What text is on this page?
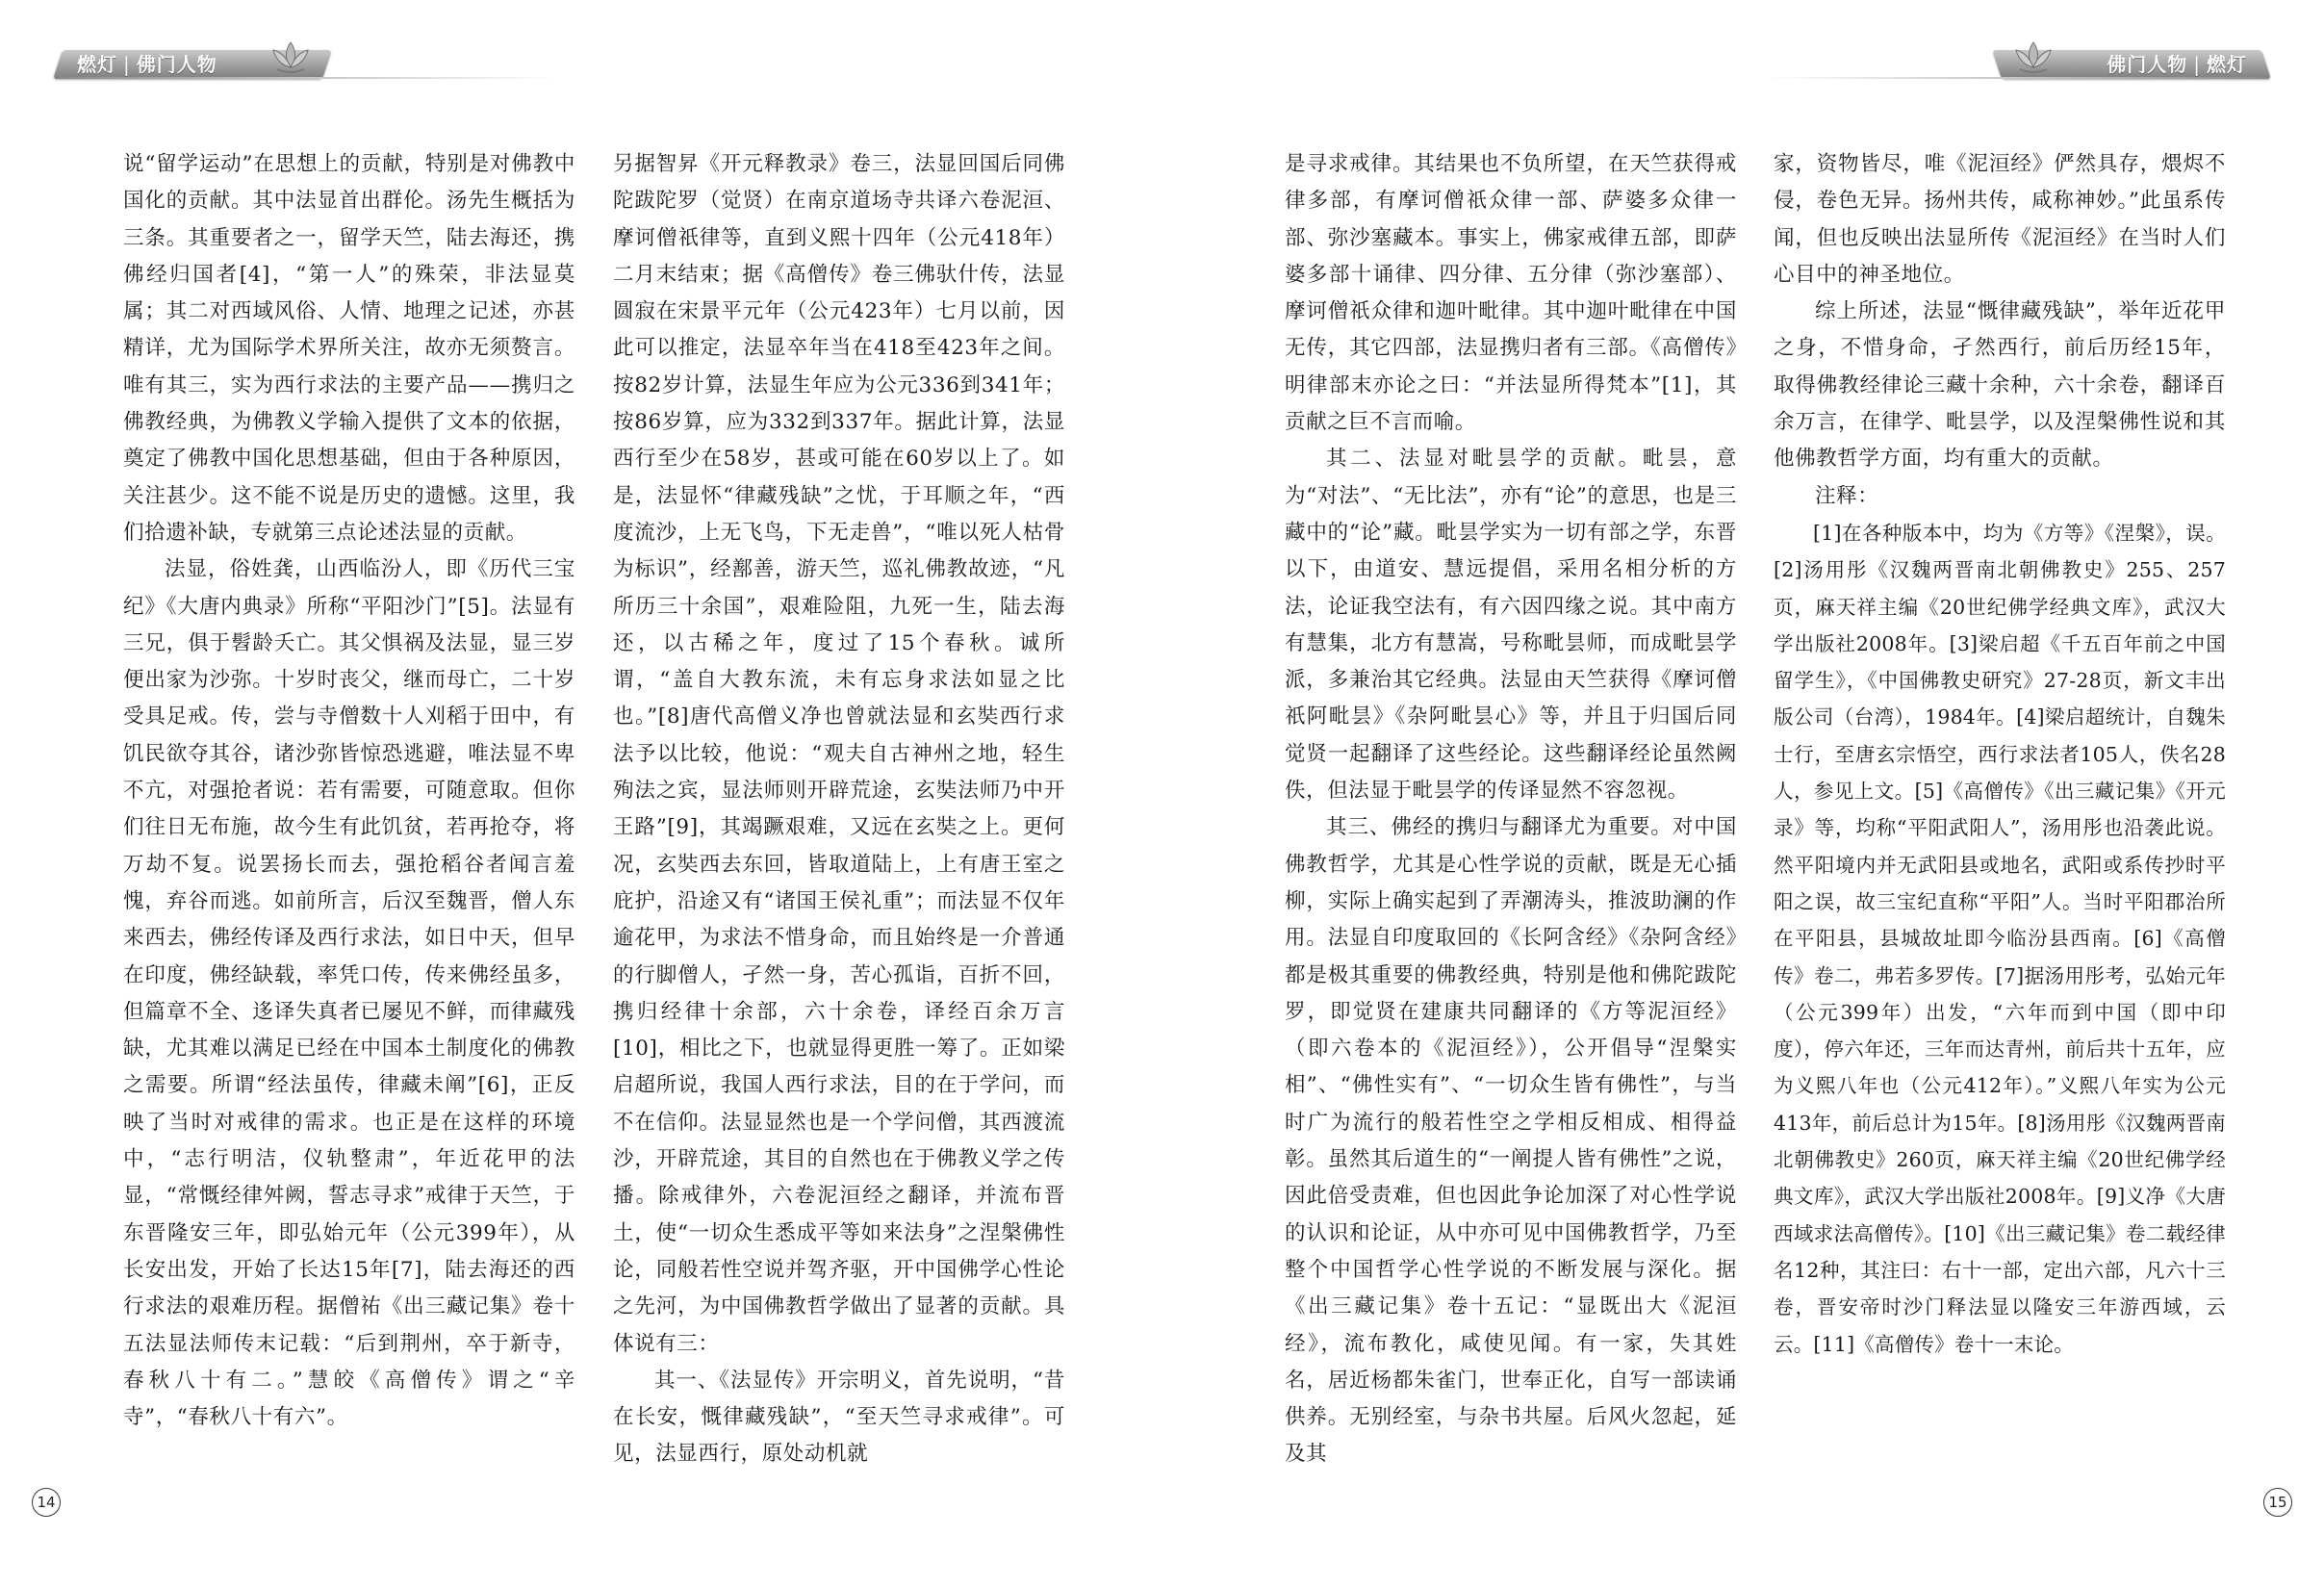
燃灯 | 佛门人物

说“留学运动”在思想上的贡献，特别是对佛教中国化的贡献。其中法显首出群伦。汤先生概括为三条。其重要者之一，留学天竺，陆去海还，携佛经归国者[4]，“第一人”的殊荣，非法显莫属；其二对西域风俗、人情、地理之记述，亦甚精详，尤为国际学术界所关注，故亦无须赘言。唯有其三，实为西行求法的主要产品——携归之佛教经典，为佛教义学输入提供了文本的依据，奠定了佛教中国化思想基础，但由于各种原因，关注甚少。这不能不说是历史的遗憾。这里，我们拾遗补缺，专就第三点论述法显的贡献。

法显，俗姓龚，山西临汾人，即《历代三宝纪》《大唐内典录》所称“平阳沙门”[5]。法显有三兄，俱于髫龄夭亡。其父惧祸及法显，显三岁便出家为沙弥。十岁时丧父，继而母亡，二十岁受具足戒。传，尝与寺僧数十人刈稻于田中，有饥民欲夺其谷，诸沙弥皆惊恐逃避，唯法显不卑不亢，对强抢者说：若有需要，可随意取。但你们往日无布施，故今生有此饥贫，若再抢夺，将万劫不复。说罢扬长而去，强抢稻谷者闻言羞愧，弃谷而逃。如前所言，后汉至魏晋，僧人东来西去，佛经传译及西行求法，如日中天，但早在印度，佛经缺载，率凭口传，传来佛经虽多，但篇章不全、迻译失真者已屡见不鲜，而律藏残缺，尤其难以满足已经在中国本土制度化的佛教之需要。所谓“经法虽传，律藏未阐”[6]，正反映了当时对戒律的需求。也正是在这样的环境中，“志行明洁，仪轨整肃”，年近花甲的法显，“常慨经律舛阙，誓志寻求”戒律于天竺，于东晋隆安三年，即弘始元年（公元399年），从长安出发，开始了长达15年[7]，陆去海还的西行求法的艰难历程。据僧祐《出三藏记集》卷十五法显法师传末记载：“后到荆州，卒于新寺，春秋八十有二。”慧皎《高僧传》谓之“辛寺”，“春秋八十有六”。

另据智昇《开元释教录》卷三，法显回国后同佛陀跋陀罗（觉贤）在南京道场寺共译六卷泥洹、摩诃僧祇律等，直到义熙十四年（公元418年）二月末结束；据《高僧传》卷三佛驮什传，法显圆寂在宋景平元年（公元423年）七月以前，因此可以推定，法显卒年当在418至423年之间。按82岁计算，法显生年应为公元336到341年；按86岁算，应为332到337年。据此计算，法显西行至少在58岁，甚或可能在60岁以上了。如是，法显怀“律藏残缺”之忧，于耳顺之年，“西度流沙，上无飞鸟，下无走兽”，“唯以死人枯骨为标识”，经鄯善，游天竺，巡礼佛教故迹，“凡所历三十余国”，艰难险阻，九死一生，陆去海还，以古稀之年，度过了15个春秋。诚所谓，“盖自大教东流，未有忘身求法如显之比也。”[8]唐代高僧义净也曾就法显和玄奘西行求法予以比较，他说：“观夫自古神州之地，轻生殉法之宾，显法师则开辟荒途，玄奘法师乃中开王路”[9]，其竭蹶艰难，又远在玄奘之上。更何况，玄奘西去东回，皆取道陆上，上有唐王室之庇护，沿途又有“诸国王侯礼重”；而法显不仅年逾花甲，为求法不惜身命，而且始终是一介普通的行脚僧人，孑然一身，苦心孤诣，百折不回，携归经律十余部，六十余卷，译经百余万言[10]，相比之下，也就显得更胜一筹了。正如梁启超所说，我国人西行求法，目的在于学问，而不在信仰。法显显然也是一个学问僧，其西渡流沙，开辟荒途，其目的自然也在于佛教义学之传播。除戒律外，六卷泥洹经之翻译，并流布晋土，使“一切众生悉成平等如来法身”之涅槃佛性论，同般若性空说并驾齐驱，开中国佛学心性论之先河，为中国佛教哲学做出了显著的贡献。具体说有三：

其一、《法显传》开宗明义，首先说明，“昔在长安，慨律藏残缺”，“至天竺寻求戒律”。可见，法显西行，原处动机就

14
佛门人物 | 燃灯

是寻求戒律。其结果也不负所望，在天竺获得戒律多部，有摩诃僧祇众律一部、萨婆多众律一部、弥沙塞藏本。事实上，佛家戒律五部，即萨婆多部十诵律、四分律、五分律（弥沙塞部）、摩诃僧祇众律和迦叶毗律。其中迦叶毗律在中国无传，其它四部，法显携归者有三部。《高僧传》明律部末亦论之曰：“并法显所得梵本”[1]，其贡献之巨不言而喻。

其二、法显对毗昙学的贡献。毗昙，意为“对法”、“无比法”，亦有“论”的意思，也是三藏中的“论”藏。毗昙学实为一切有部之学，东晋以下，由道安、慧远提倡，采用名相分析的方法，论证我空法有，有六因四缘之说。其中南方有慧集，北方有慧嵩，号称毗昙师，而成毗昙学派，多兼治其它经典。法显由天竺获得《摩诃僧祇阿毗昙》《杂阿毗昙心》等，并且于归国后同觉贤一起翻译了这些经论。这些翻译经论虽然阙佚，但法显于毗昙学的传译显然不容忽视。

其三、佛经的携归与翻译尤为重要。对中国佛教哲学，尤其是心性学说的贡献，既是无心插柳，实际上确实起到了弄潮涛头，推波助澜的作用。法显自印度取回的《长阿含经》《杂阿含经》都是极其重要的佛教经典，特别是他和佛陀跋陀罗，即觉贤在建康共同翻译的《方等泥洹经》（即六卷本的《泥洹经》），公开倡导“涅槃实相”、“佛性实有”、“一切众生皆有佛性”，与当时广为流行的般若性空之学相反相成、相得益彰。虽然其后道生的“一阐提人皆有佛性”之说，因此倍受责难，但也因此争论加深了对心性学说的认识和论证，从中亦可见中国佛教哲学，乃至整个中国哲学心性学说的不断发展与深化。据《出三藏记集》卷十五记：“显既出大《泥洹经》，流布教化，咸使见闻。有一家，失其姓名，居近杨都朱雀门，世奉正化，自写一部读诵供养。无别经室，与杂书共屋。后风火忽起，延及其

家，资物皆尽，唯《泥洹经》俨然具存，煨烬不侵，卷色无异。扬州共传，咸称神妙。”此虽系传闻，但也反映出法显所传《泥洹经》在当时人们心目中的神圣地位。

综上所述，法显“慨律藏残缺”，举年近花甲之身，不惜身命，孑然西行，前后历经15年，取得佛教经律论三藏十余种，六十余卷，翻译百余万言，在律学、毗昙学，以及涅槃佛性说和其他佛教哲学方面，均有重大的贡献。

注释：

[1]在各种版本中，均为《方等》《涅槃》，误。[2]汤用彤《汉魏两晋南北朝佛教史》255、257页，麻天祥主编《20世纪佛学经典文库》，武汉大学出版社2008年。[3]梁启超《千五百年前之中国留学生》，《中国佛教史研究》27-28页，新文丰出版公司（台湾），1984年。[4]梁启超统计，自魏朱士行，至唐玄宗悟空，西行求法者105人，佚名28人，参见上文。[5]《高僧传》《出三藏记集》《开元录》等，均称“平阳武阳人”，汤用彤也沿袭此说。然平阳境内并无武阳县或地名，武阳或系传抄时平阳之误，故三宝纪直称“平阳”人。当时平阳郡治所在平阳县，县城故址即今临汾县西南。[6]《高僧传》卷二，弗若多罗传。[7]据汤用彤考，弘始元年（公元399年）出发，“六年而到中国（即中印度），停六年还，三年而达青州，前后共十五年，应为义熙八年也（公元412年）。”义熙八年实为公元413年，前后总计为15年。[8]汤用彤《汉魏两晋南北朝佛教史》260页，麻天祥主编《20世纪佛学经典文库》，武汉大学出版社2008年。[9]义净《大唐西域求法高僧传》。[10]《出三藏记集》卷二载经律名12种，其注曰：右十一部，定出六部，凡六十三卷，晋安帝时沙门释法显以隆安三年游西域，云云。[11]《高僧传》卷十一末论。

15
